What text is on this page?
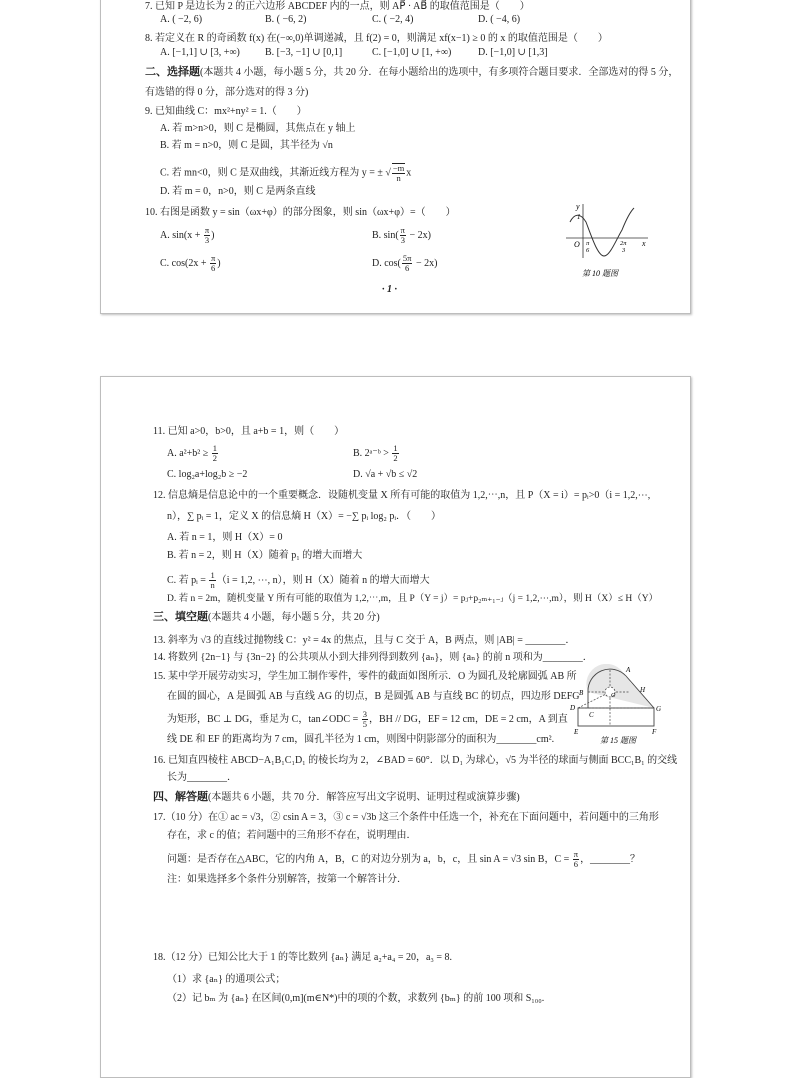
7. 已知 P 是边长为 2 的正六边形 ABCDEF 内的一点，则 AP⃗ · AB⃗ 的取值范围是（　　）
A. ( −2, 6)	B. ( −6, 2)	C. ( −2, 4)	D. ( −4, 6)
8. 若定义在 R 的奇函数 f(x) 在(−∞,0)单调递减，且 f(2) = 0，则满足 xf(x−1) ≥ 0 的 x 的取值范围是（　　）
A. [−1,1] ∪ [3, +∞)	B. [−3, −1] ∪ [0,1]	C. [−1,0] ∪ [1, +∞)	D. [−1,0] ∪ [1,3]
二、选择题(本题共 4 小题，每小题 5 分，共 20 分．在每小题给出的选项中，有多项符合题目要求．全部选对的得 5 分，
有选错的得 0 分，部分选对的得 3 分)
9. 已知曲线 C：mx²+ny² = 1.（　　）
A. 若 m>n>0，则 C 是椭圆，其焦点在 y 轴上
B. 若 m = n>0，则 C 是圆，其半径为 √n
C. 若 mn<0，则 C 是双曲线，其渐近线方程为 y = ± √ $\frac{-m}{n}$ x
D. 若 m = 0，n>0，则 C 是两条直线
10. 右图是函数 y = sin（ωx+φ）的部分图象，则 sin（ωx+φ）=（　　）
A. $\sin(x + \frac{\pi}{3}$ )	B. $\sin( \frac{\pi}{3} - 2x)$
C. $\cos(2x + \frac{\pi}{6}$ )	D. $\cos( \frac{5\pi}{6} - 2x)$
y
1
O π
6
2π
3
x
第 10 题图
· 1 ·
11. 已知 a>0，b>0，且 a+b = 1，则（　　）
A. $a^2+b^2 \ge \frac{1}{2}$	B. 2ᵃ⁻ᵇ > $\frac{1}{2}$
C. log₂a+log₂b ≥ −2	D. √a + √b ≤ √2
12. 信息熵是信息论中的一个重要概念．设随机变量 X 所有可能的取值为 1,2,⋯,n，且 P（X = i）= pᵢ>0（i = 1,2,⋯,
n），∑ pᵢ = 1，定义 X 的信息熵 H（X）= −∑ pᵢ log₂ pᵢ．（　　）
A. 若 n = 1，则 H（X）= 0
B. 若 n = 2，则 H（X）随着 p₁ 的增大而增大
C. 若 pᵢ = $\frac{1}{n} (i = 1,2$, ⋯, n），则 H（X）随着 n 的增大而增大
D. 若 n = 2m，随机变量 Y 所有可能的取值为 1,2,⋯,m，且 P（Y = j）= pⱼ+p₂ₘ₊₁₋ⱼ（j = 1,2,⋯,m），则 H（X）≤ H（Y）
三、填空题(本题共 4 小题，每小题 5 分，共 20 分)
13. 斜率为 √3 的直线过抛物线 C：y² = 4x 的焦点，且与 C 交于 A，B 两点，则 |AB| = ________．
14. 将数列 {2n−1} 与 {3n−2} 的公共项从小到大排列得到数列 {aₙ}，则 {aₙ} 的前 n 项和为________．
15. 某中学开展劳动实习，学生加工制作零件，零件的截面如图所示．O 为圆孔及轮廓圆弧 AB 所
在圆的圆心，A 是圆弧 AB 与直线 AG 的切点，B 是圆弧 AB 与直线 BC 的切点，四边形 DEFG
为矩形，BC ⊥ DG，垂足为 C，tan∠ODC = $\frac{3}{5}$ ，BH // DG，EF = 12 cm，DE = 2 cm，A 到直
线 DE 和 EF 的距离均为 7 cm，圆孔半径为 1 cm，则图中阴影部分的面积为________cm².
A
B	H
O
D
C
G
E	F
第 15 题图
16. 已知直四棱柱 ABCD−A₁B₁C₁D₁ 的棱长均为 2，∠BAD = 60°．以 D₁ 为球心，√5 为半径的球面与侧面 BCC₁B₁ 的交线
长为________．
四、解答题(本题共 6 小题，共 70 分．解答应写出文字说明、证明过程或演算步骤)
17.（10 分）在① ac = √3，② csin A = 3，③ c = √3b 这三个条件中任选一个，补充在下面问题中，若问题中的三角形
存在，求 c 的值；若问题中的三角形不存在，说明理由．
问题：是否存在△ABC，它的内角 A，B，C 的对边分别为 a，b，c，且 sin A = √3 sin B，$C = \frac{\pi}{6}$ ，________？
注：如果选择多个条件分别解答，按第一个解答计分．
18.（12 分）已知公比大于 1 的等比数列 {aₙ} 满足 a₂+a₄ = 20，a₃ = 8.
（1）求 {aₙ} 的通项公式；
（2）记 bₘ 为 {aₙ} 在区间(0,m](m∈N*)中的项的个数，求数列 {bₘ} 的前 100 项和 S₁₀₀.
